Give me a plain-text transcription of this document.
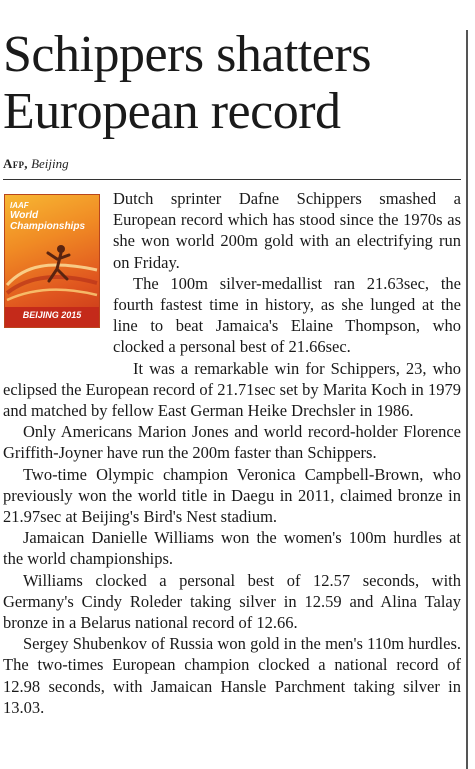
Schippers shatters European record
Afp, Beijing
IAAF
World Championships
BEIJING 2015

Dutch sprinter Dafne Schippers smashed a European record which has stood since the 1970s as she won world 200m gold with an electrifying run on Friday.

The 100m silver-medallist ran 21.63sec, the fourth fastest time in history, as she lunged at the line to beat Jamaica's Elaine Thompson, who clocked a personal best of 21.66sec.

It was a remarkable win for Schippers, 23, who eclipsed the European record of 21.71sec set by Marita Koch in 1979 and matched by fellow East German Heike Drechsler in 1986.

Only Americans Marion Jones and world record-holder Florence Griffith-Joyner have run the 200m faster than Schippers.

Two-time Olympic champion Veronica Campbell-Brown, who previously won the world title in Daegu in 2011, claimed bronze in 21.97sec at Beijing's Bird's Nest stadium.

Jamaican Danielle Williams won the women's 100m hurdles at the world championships.

Williams clocked a personal best of 12.57 seconds, with Germany's Cindy Roleder taking silver in 12.59 and Alina Talay bronze in a Belarus national record of 12.66.

Sergey Shubenkov of Russia won gold in the men's 110m hurdles. The two-times European champion clocked a national record of 12.98 seconds, with Jamaican Hansle Parchment taking silver in 13.03.
